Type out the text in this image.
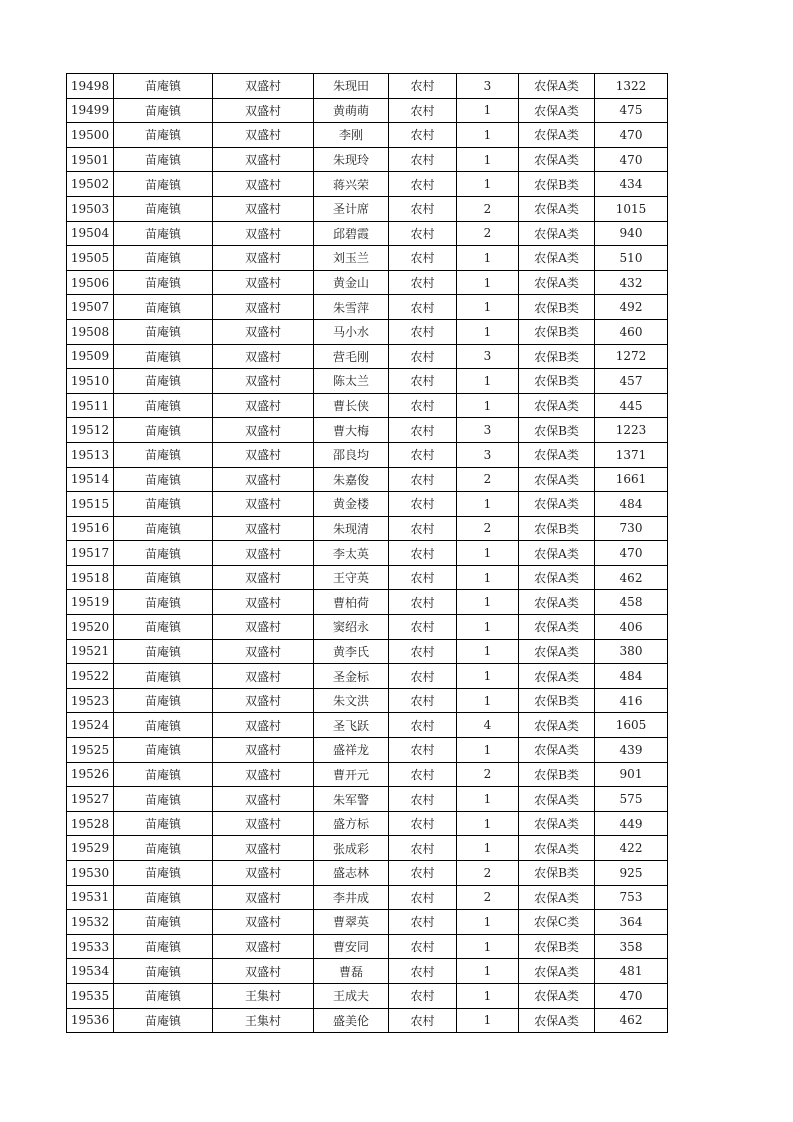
19498	苗庵镇	双盛村	朱现田	农村	3	农保A类	1322
19499	苗庵镇	双盛村	黄萌萌	农村	1	农保A类	475
19500	苗庵镇	双盛村	李刚	农村	1	农保A类	470
19501	苗庵镇	双盛村	朱现玲	农村	1	农保A类	470
19502	苗庵镇	双盛村	蒋兴荣	农村	1	农保B类	434
19503	苗庵镇	双盛村	圣计席	农村	2	农保A类	1015
19504	苗庵镇	双盛村	邱碧霞	农村	2	农保A类	940
19505	苗庵镇	双盛村	刘玉兰	农村	1	农保A类	510
19506	苗庵镇	双盛村	黄金山	农村	1	农保A类	432
19507	苗庵镇	双盛村	朱雪萍	农村	1	农保B类	492
19508	苗庵镇	双盛村	马小水	农村	1	农保B类	460
19509	苗庵镇	双盛村	营毛刚	农村	3	农保B类	1272
19510	苗庵镇	双盛村	陈太兰	农村	1	农保B类	457
19511	苗庵镇	双盛村	曹长侠	农村	1	农保A类	445
19512	苗庵镇	双盛村	曹大梅	农村	3	农保B类	1223
19513	苗庵镇	双盛村	邵良均	农村	3	农保A类	1371
19514	苗庵镇	双盛村	朱嘉俊	农村	2	农保A类	1661
19515	苗庵镇	双盛村	黄金楼	农村	1	农保A类	484
19516	苗庵镇	双盛村	朱现清	农村	2	农保B类	730
19517	苗庵镇	双盛村	李太英	农村	1	农保A类	470
19518	苗庵镇	双盛村	王守英	农村	1	农保A类	462
19519	苗庵镇	双盛村	曹柏荷	农村	1	农保A类	458
19520	苗庵镇	双盛村	窦绍永	农村	1	农保A类	406
19521	苗庵镇	双盛村	黄李氏	农村	1	农保A类	380
19522	苗庵镇	双盛村	圣金标	农村	1	农保A类	484
19523	苗庵镇	双盛村	朱文洪	农村	1	农保B类	416
19524	苗庵镇	双盛村	圣飞跃	农村	4	农保A类	1605
19525	苗庵镇	双盛村	盛祥龙	农村	1	农保A类	439
19526	苗庵镇	双盛村	曹开元	农村	2	农保B类	901
19527	苗庵镇	双盛村	朱军警	农村	1	农保A类	575
19528	苗庵镇	双盛村	盛方标	农村	1	农保A类	449
19529	苗庵镇	双盛村	张成彩	农村	1	农保A类	422
19530	苗庵镇	双盛村	盛志林	农村	2	农保B类	925
19531	苗庵镇	双盛村	李井成	农村	2	农保A类	753
19532	苗庵镇	双盛村	曹翠英	农村	1	农保C类	364
19533	苗庵镇	双盛村	曹安同	农村	1	农保B类	358
19534	苗庵镇	双盛村	曹磊	农村	1	农保A类	481
19535	苗庵镇	王集村	王成夫	农村	1	农保A类	470
19536	苗庵镇	王集村	盛美伦	农村	1	农保A类	462
